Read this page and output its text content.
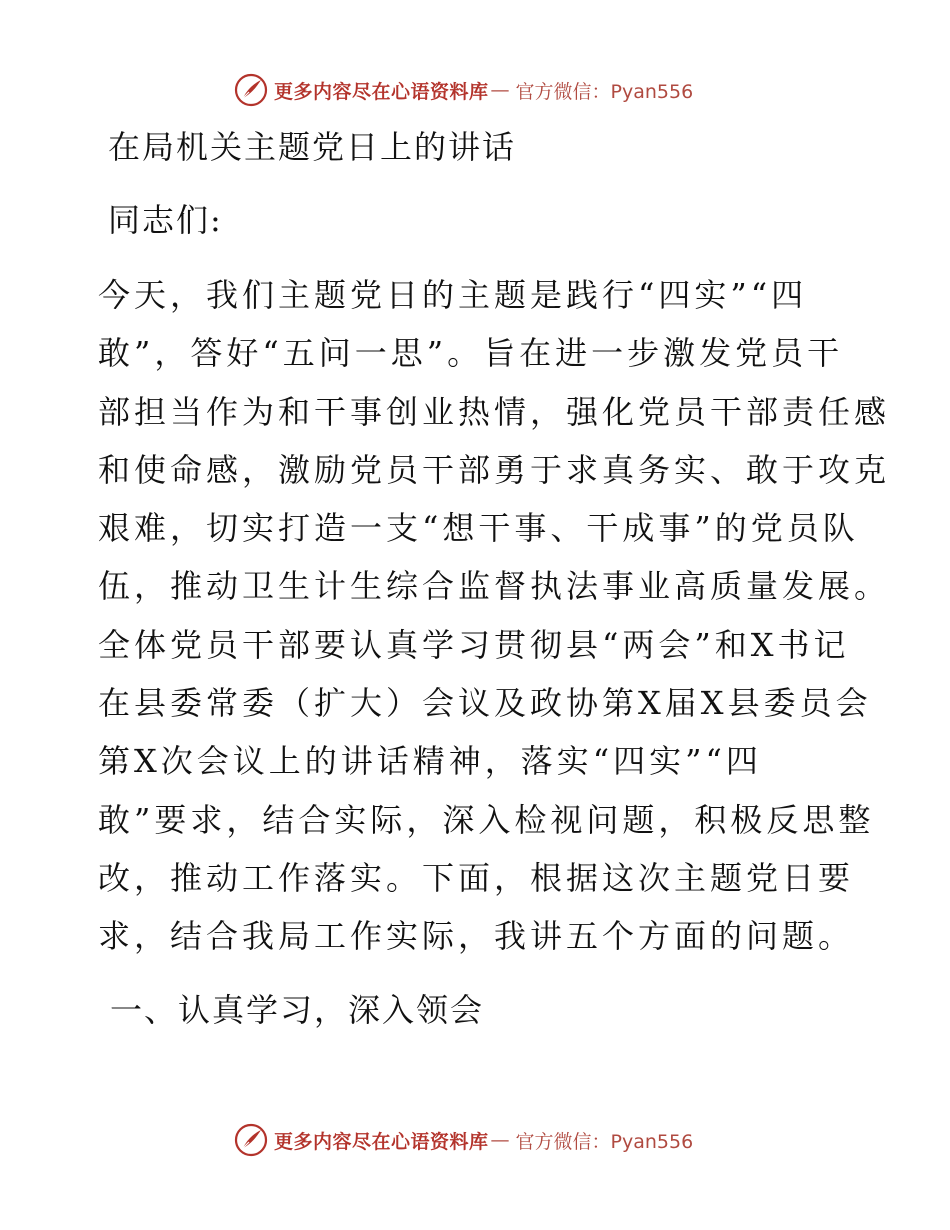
更多内容尽在心语资料库 — 官方微信：Pyan556
在局机关主题党日上的讲话

同志们:

今天，我们主题党日的主题是践行“四实”“四
敢”，答好“五问一思”。旨在进一步激发党员干
部担当作为和干事创业热情，强化党员干部责任感
和使命感，激励党员干部勇于求真务实、敢于攻克
艰难，切实打造一支“想干事、干成事”的党员队
伍，推动卫生计生综合监督执法事业高质量发展。
全体党员干部要认真学习贯彻县“两会”和X书记
在县委常委（扩大）会议及政协第X届X县委员会
第X次会议上的讲话精神，落实“四实”“四
敢”要求，结合实际，深入检视问题，积极反思整
改，推动工作落实。下面，根据这次主题党日要
求，结合我局工作实际，我讲五个方面的问题。
一、认真学习，深入领会
更多内容尽在心语资料库 — 官方微信：Pyan556
